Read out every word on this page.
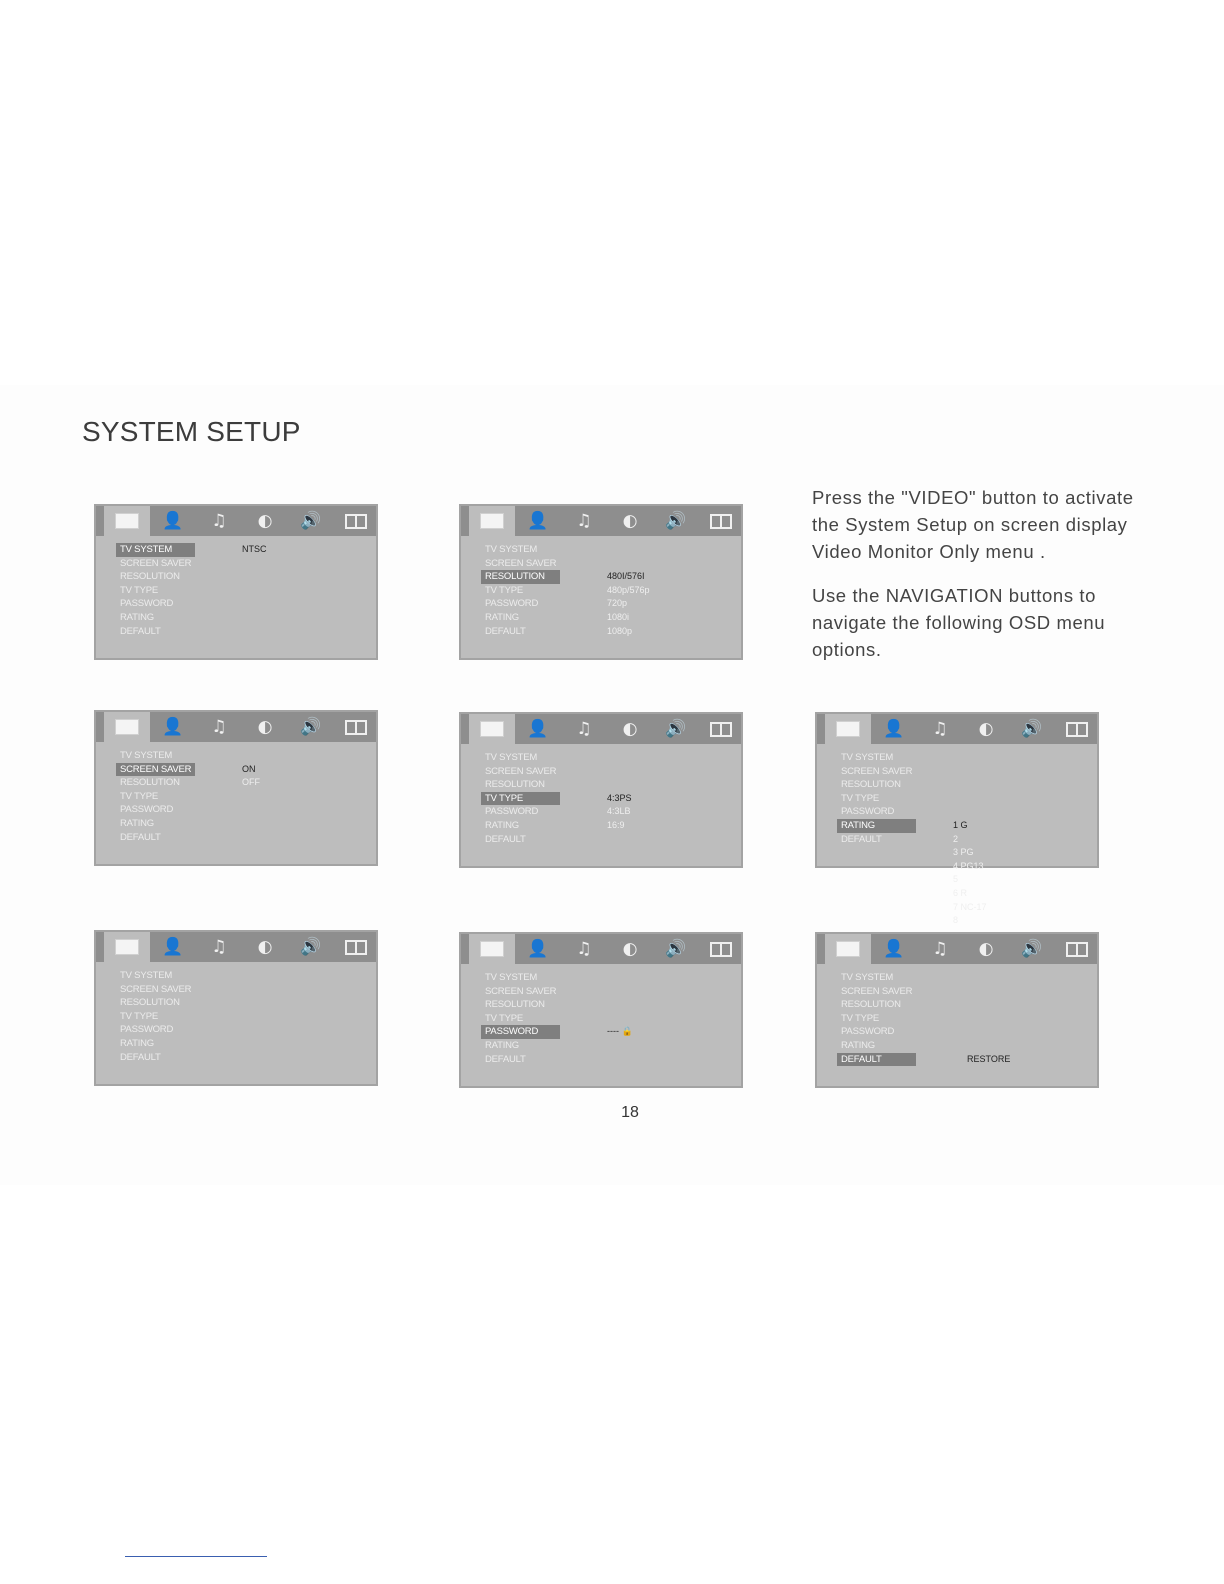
SYSTEM SETUP

Press the "VIDEO" button to activate the System Setup on screen display Video Monitor Only menu .

Use the NAVIGATION buttons to navigate the following OSD menu options.

👤 ♫ ◐ 🔊
TV SYSTEM
SCREEN SAVER
RESOLUTION
TV TYPE
PASSWORD
RATING
DEFAULT
NTSC
👤 ♫ ◐ 🔊
TV SYSTEM
SCREEN SAVER
RESOLUTION
TV TYPE
PASSWORD
RATING
DEFAULT
480I/576I
480p/576p
720p
1080i
1080p
👤 ♫ ◐ 🔊
TV SYSTEM
SCREEN SAVER
RESOLUTION
TV TYPE
PASSWORD
RATING
DEFAULT
ON
OFF
👤 ♫ ◐ 🔊
TV SYSTEM
SCREEN SAVER
RESOLUTION
TV TYPE
PASSWORD
RATING
DEFAULT
4:3PS
4:3LB
16:9
👤 ♫ ◐ 🔊
TV SYSTEM
SCREEN SAVER
RESOLUTION
TV TYPE
PASSWORD
RATING
DEFAULT
1 G
2
3 PG
4 PG13
5
6 R
7 NC-17
8
👤 ♫ ◐ 🔊
TV SYSTEM
SCREEN SAVER
RESOLUTION
TV TYPE
PASSWORD
RATING
DEFAULT
👤 ♫ ◐ 🔊
TV SYSTEM
SCREEN SAVER
RESOLUTION
TV TYPE
PASSWORD
RATING
DEFAULT
---- 🔒
👤 ♫ ◐ 🔊
TV SYSTEM
SCREEN SAVER
RESOLUTION
TV TYPE
PASSWORD
RATING
DEFAULT	RESTORE
18
